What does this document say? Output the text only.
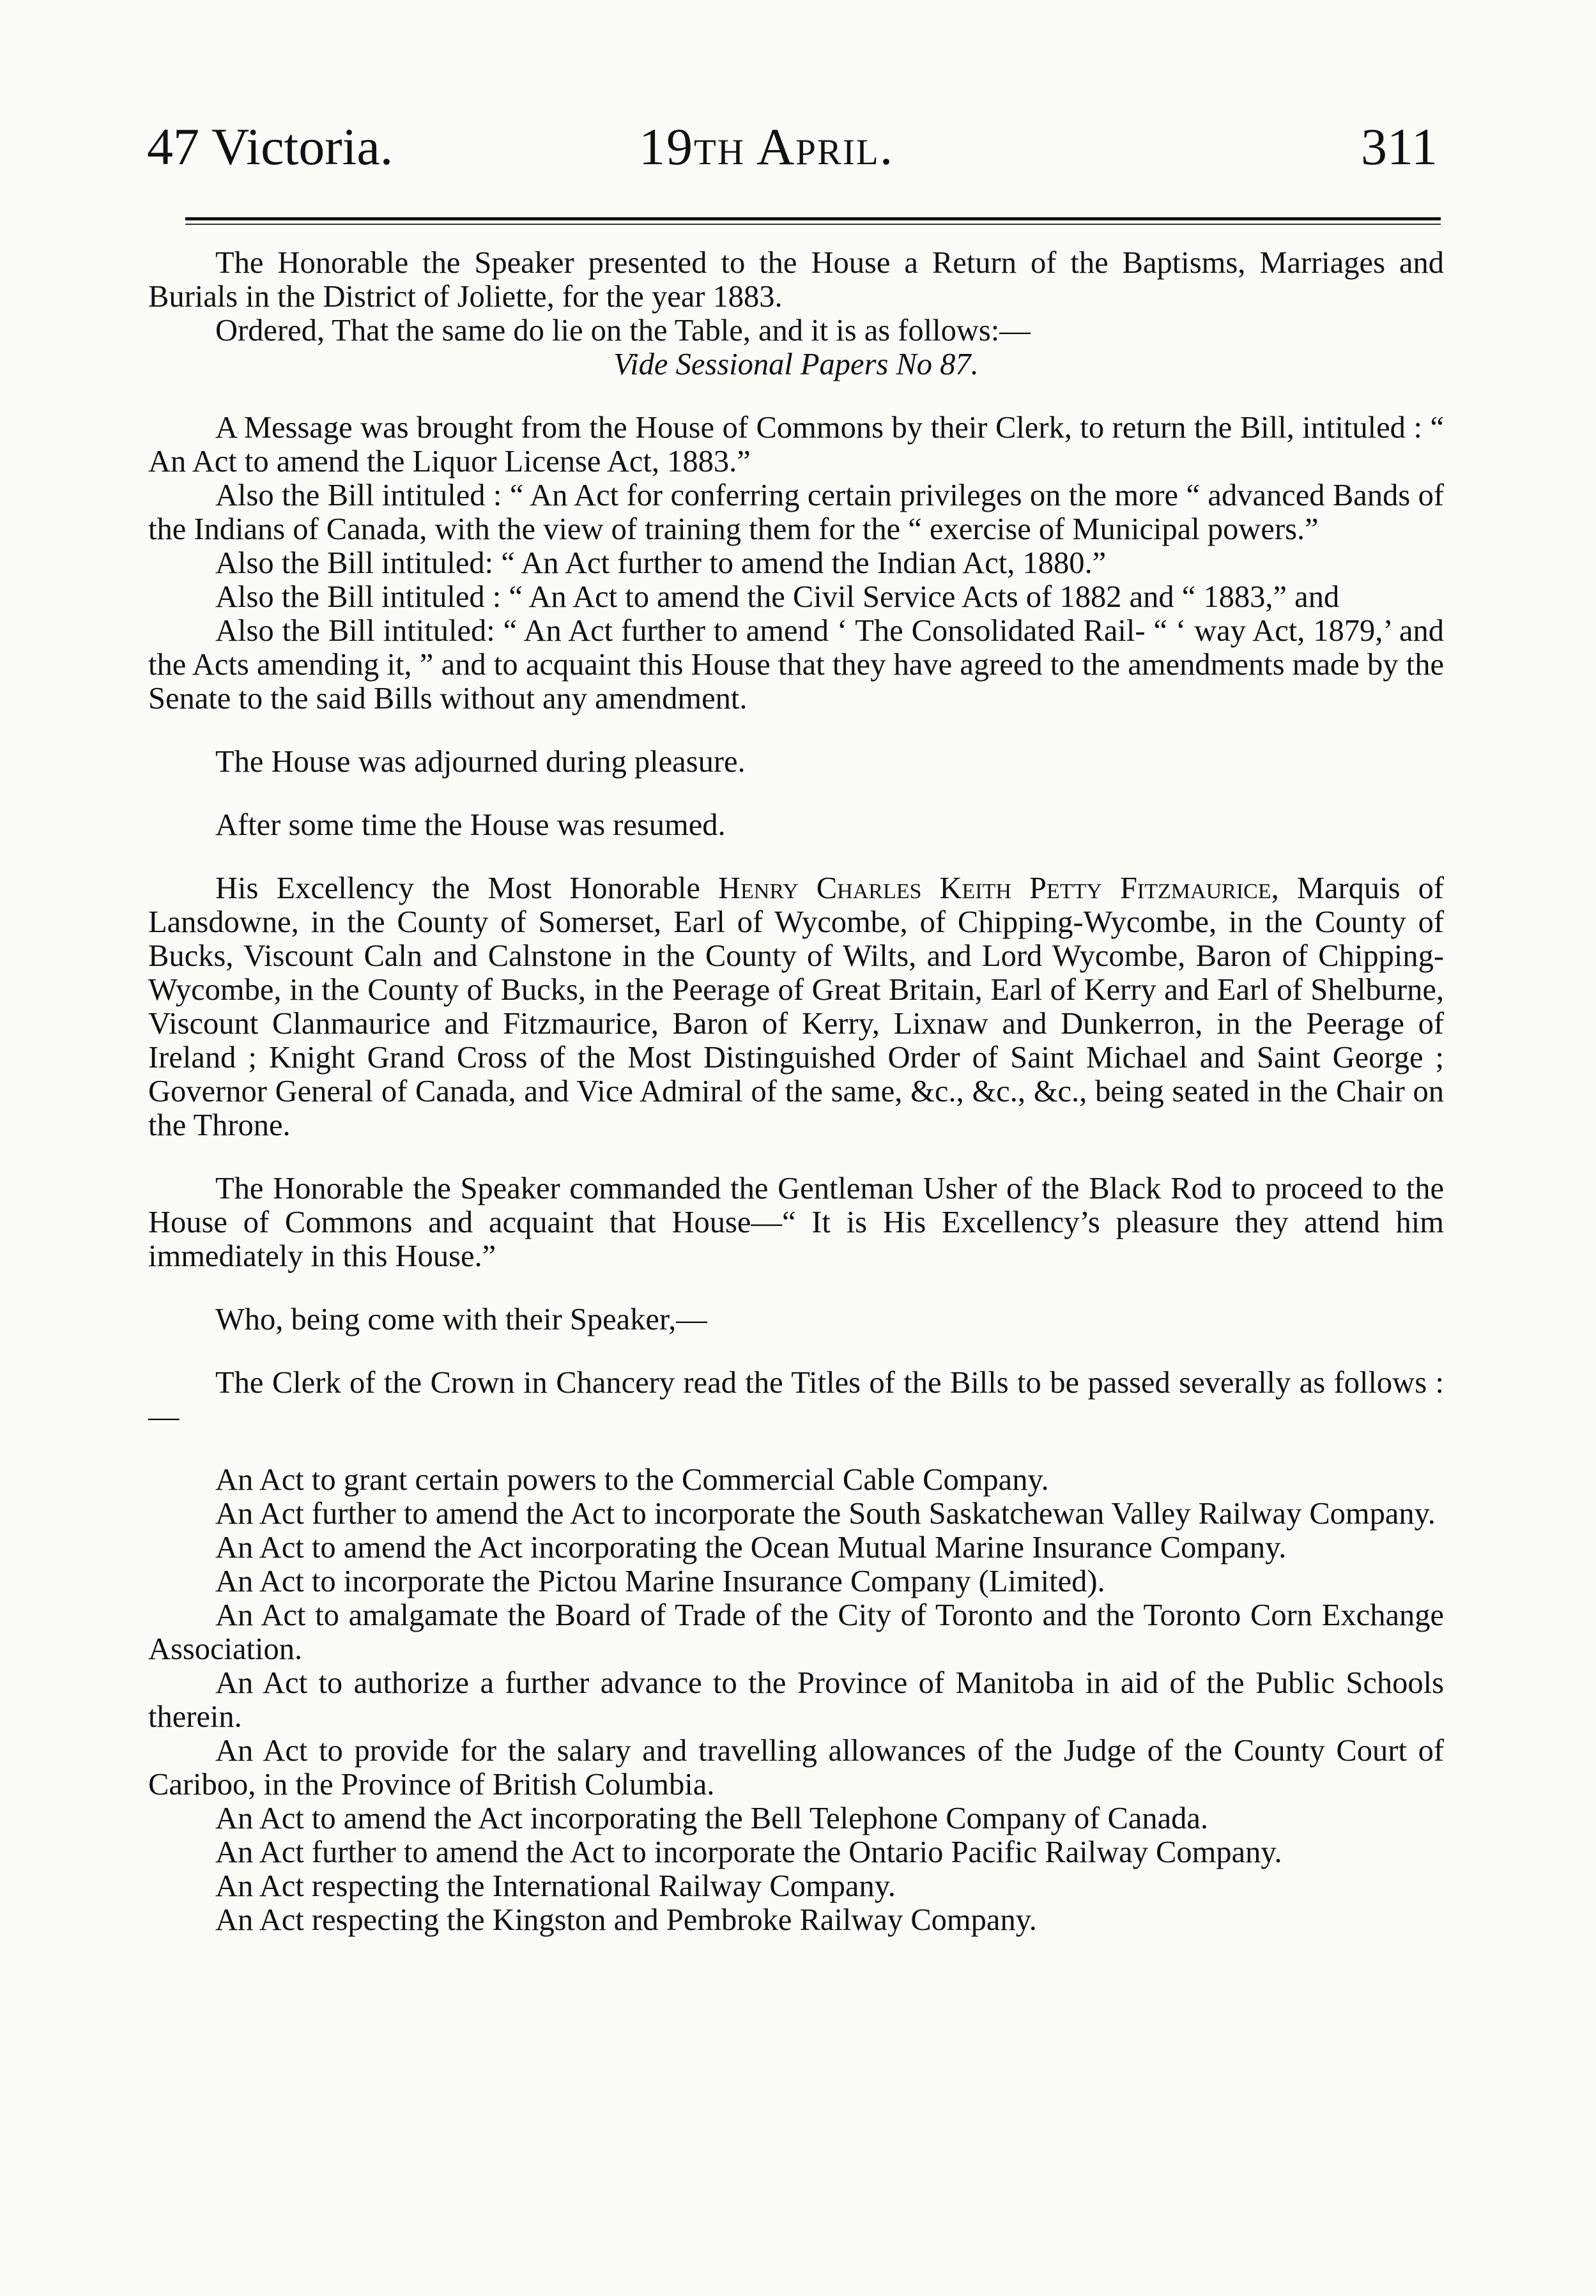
47 Victoria.	19th April.	311

The Honorable the Speaker presented to the House a Return of the Baptisms, Marriages and Burials in the District of Joliette, for the year 1883.

Ordered, That the same do lie on the Table, and it is as follows:—

Vide Sessional Papers No 87.

A Message was brought from the House of Commons by their Clerk, to return the Bill, intituled : “ An Act to amend the Liquor License Act, 1883.”

Also the Bill intituled : “ An Act for conferring certain privileges on the more “ advanced Bands of the Indians of Canada, with the view of training them for the “ exercise of Municipal powers.”

Also the Bill intituled: “ An Act further to amend the Indian Act, 1880.”

Also the Bill intituled : “ An Act to amend the Civil Service Acts of 1882 and “ 1883,” and

Also the Bill intituled: “ An Act further to amend ‘ The Consolidated Rail- “ ‘ way Act, 1879,’ and the Acts amending it, ” and to acquaint this House that they have agreed to the amendments made by the Senate to the said Bills without any amendment.

The House was adjourned during pleasure.

After some time the House was resumed.

His Excellency the Most Honorable Henry Charles Keith Petty Fitzmaurice, Marquis of Lansdowne, in the County of Somerset, Earl of Wycombe, of Chipping-Wycombe, in the County of Bucks, Viscount Caln and Calnstone in the County of Wilts, and Lord Wycombe, Baron of Chipping-Wycombe, in the County of Bucks, in the Peerage of Great Britain, Earl of Kerry and Earl of Shelburne, Viscount Clanmaurice and Fitzmaurice, Baron of Kerry, Lixnaw and Dunkerron, in the Peerage of Ireland ; Knight Grand Cross of the Most Distinguished Order of Saint Michael and Saint George ; Governor General of Canada, and Vice Admiral of the same, &c., &c., &c., being seated in the Chair on the Throne.

The Honorable the Speaker commanded the Gentleman Usher of the Black Rod to proceed to the House of Commons and acquaint that House—“ It is His Excellency’s pleasure they attend him immediately in this House.”

Who, being come with their Speaker,—

The Clerk of the Crown in Chancery read the Titles of the Bills to be passed severally as follows :—

An Act to grant certain powers to the Commercial Cable Company.

An Act further to amend the Act to incorporate the South Saskatchewan Valley Railway Company.

An Act to amend the Act incorporating the Ocean Mutual Marine Insurance Company.

An Act to incorporate the Pictou Marine Insurance Company (Limited).

An Act to amalgamate the Board of Trade of the City of Toronto and the Toronto Corn Exchange Association.

An Act to authorize a further advance to the Province of Manitoba in aid of the Public Schools therein.

An Act to provide for the salary and travelling allowances of the Judge of the County Court of Cariboo, in the Province of British Columbia.

An Act to amend the Act incorporating the Bell Telephone Company of Canada.

An Act further to amend the Act to incorporate the Ontario Pacific Railway Company.

An Act respecting the International Railway Company.

An Act respecting the Kingston and Pembroke Railway Company.
